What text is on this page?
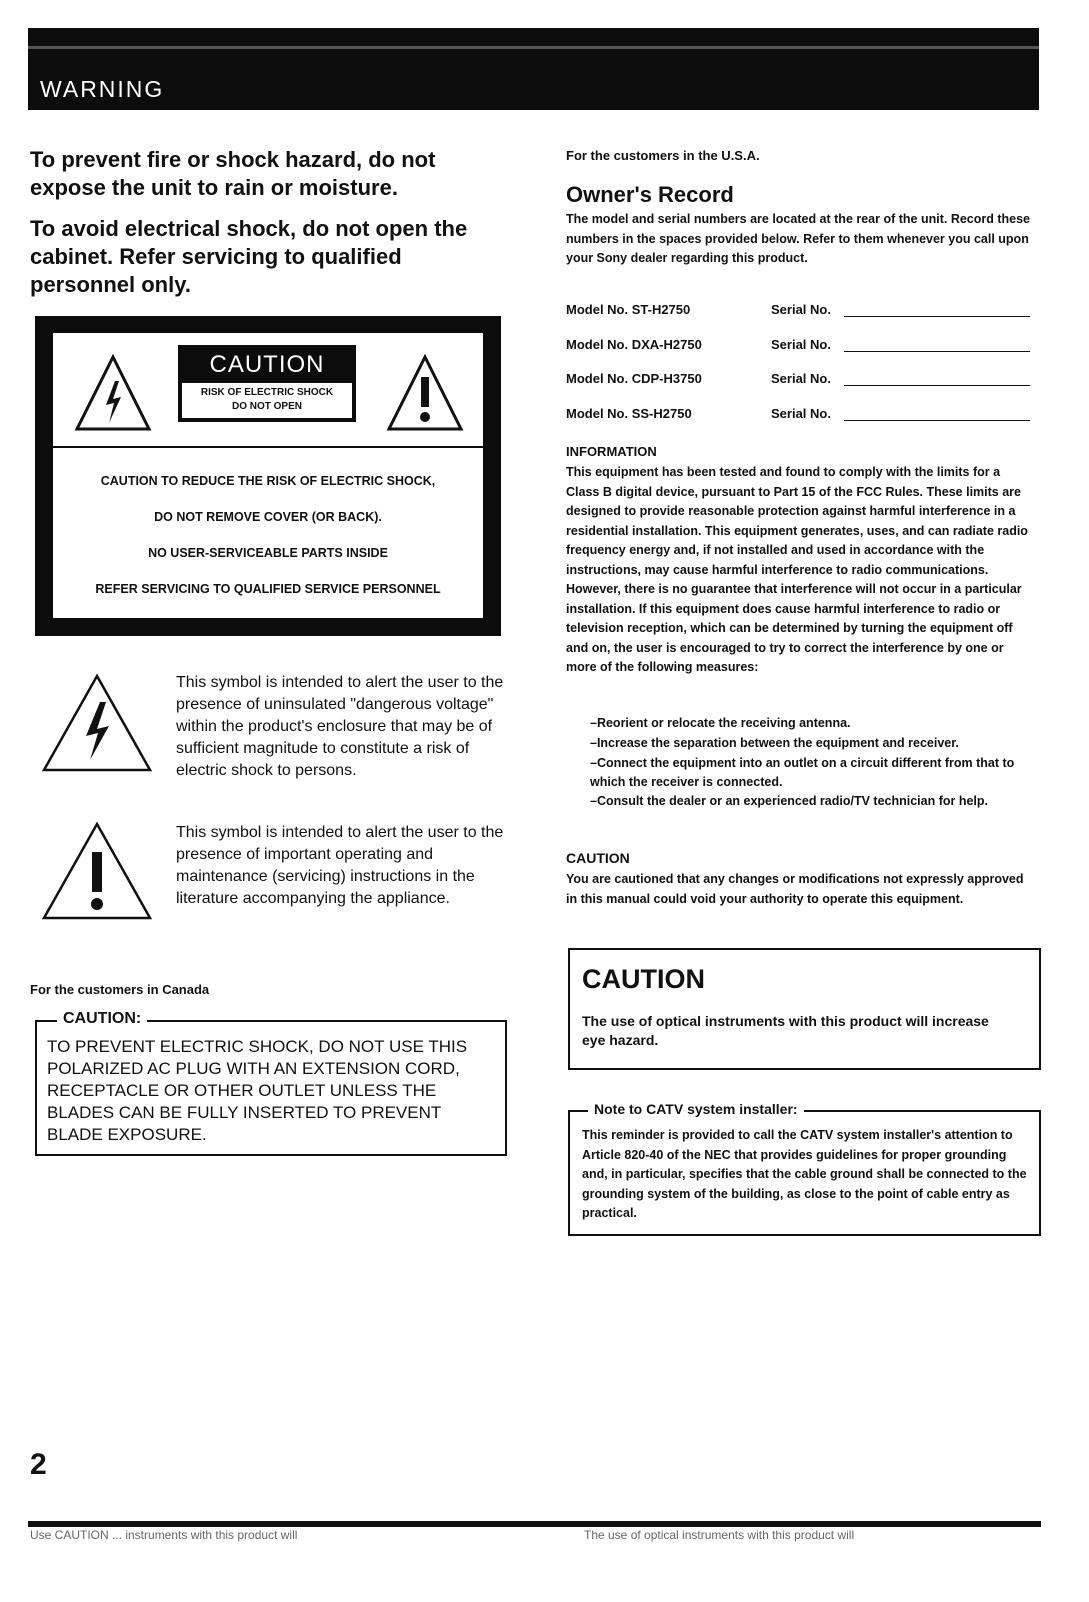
WARNING
To prevent fire or shock hazard, do not
expose the unit to rain or moisture.
To avoid electrical shock, do not open the
cabinet. Refer servicing to qualified
personnel only.
CAUTION
RISK OF ELECTRIC SHOCK
DO NOT OPEN
CAUTION TO REDUCE THE RISK OF ELECTRIC SHOCK,
DO NOT REMOVE COVER (OR BACK).
NO USER-SERVICEABLE PARTS INSIDE
REFER SERVICING TO QUALIFIED SERVICE PERSONNEL
This symbol is intended to alert the user to the presence of uninsulated "dangerous voltage" within the product's enclosure that may be of sufficient magnitude to constitute a risk of electric shock to persons.
This symbol is intended to alert the user to the presence of important operating and maintenance (servicing) instructions in the literature accompanying the appliance.
For the customers in Canada
CAUTION:
TO PREVENT ELECTRIC SHOCK, DO NOT USE THIS POLARIZED AC PLUG WITH AN EXTENSION CORD, RECEPTACLE OR OTHER OUTLET UNLESS THE BLADES CAN BE FULLY INSERTED TO PREVENT BLADE EXPOSURE.
2
Use CAUTION ... instruments with this product will	The use of optical instruments with this product will
For the customers in the U.S.A.
Owner's Record
The model and serial numbers are located at the rear of the unit. Record these numbers in the spaces provided below. Refer to them whenever you call upon your Sony dealer regarding this product.
Model No. ST-H2750	Serial No.
Model No. DXA-H2750	Serial No.
Model No. CDP-H3750	Serial No.
Model No. SS-H2750	Serial No.
INFORMATION
This equipment has been tested and found to comply with the limits for a Class B digital device, pursuant to Part 15 of the FCC Rules. These limits are designed to provide reasonable protection against harmful interference in a residential installation. This equipment generates, uses, and can radiate radio frequency energy and, if not installed and used in accordance with the instructions, may cause harmful interference to radio communications. However, there is no guarantee that interference will not occur in a particular installation. If this equipment does cause harmful interference to radio or television reception, which can be determined by turning the equipment off and on, the user is encouraged to try to correct the interference by one or more of the following measures:
–Reorient or relocate the receiving antenna.
–Increase the separation between the equipment and receiver.
–Connect the equipment into an outlet on a circuit different from that to which the receiver is connected.
–Consult the dealer or an experienced radio/TV technician for help.
CAUTION
You are cautioned that any changes or modifications not expressly approved in this manual could void your authority to operate this equipment.
CAUTION
The use of optical instruments with this product will increase eye hazard.
Note to CATV system installer:
This reminder is provided to call the CATV system installer's attention to Article 820-40 of the NEC that provides guidelines for proper grounding and, in particular, specifies that the cable ground shall be connected to the grounding system of the building, as close to the point of cable entry as practical.
